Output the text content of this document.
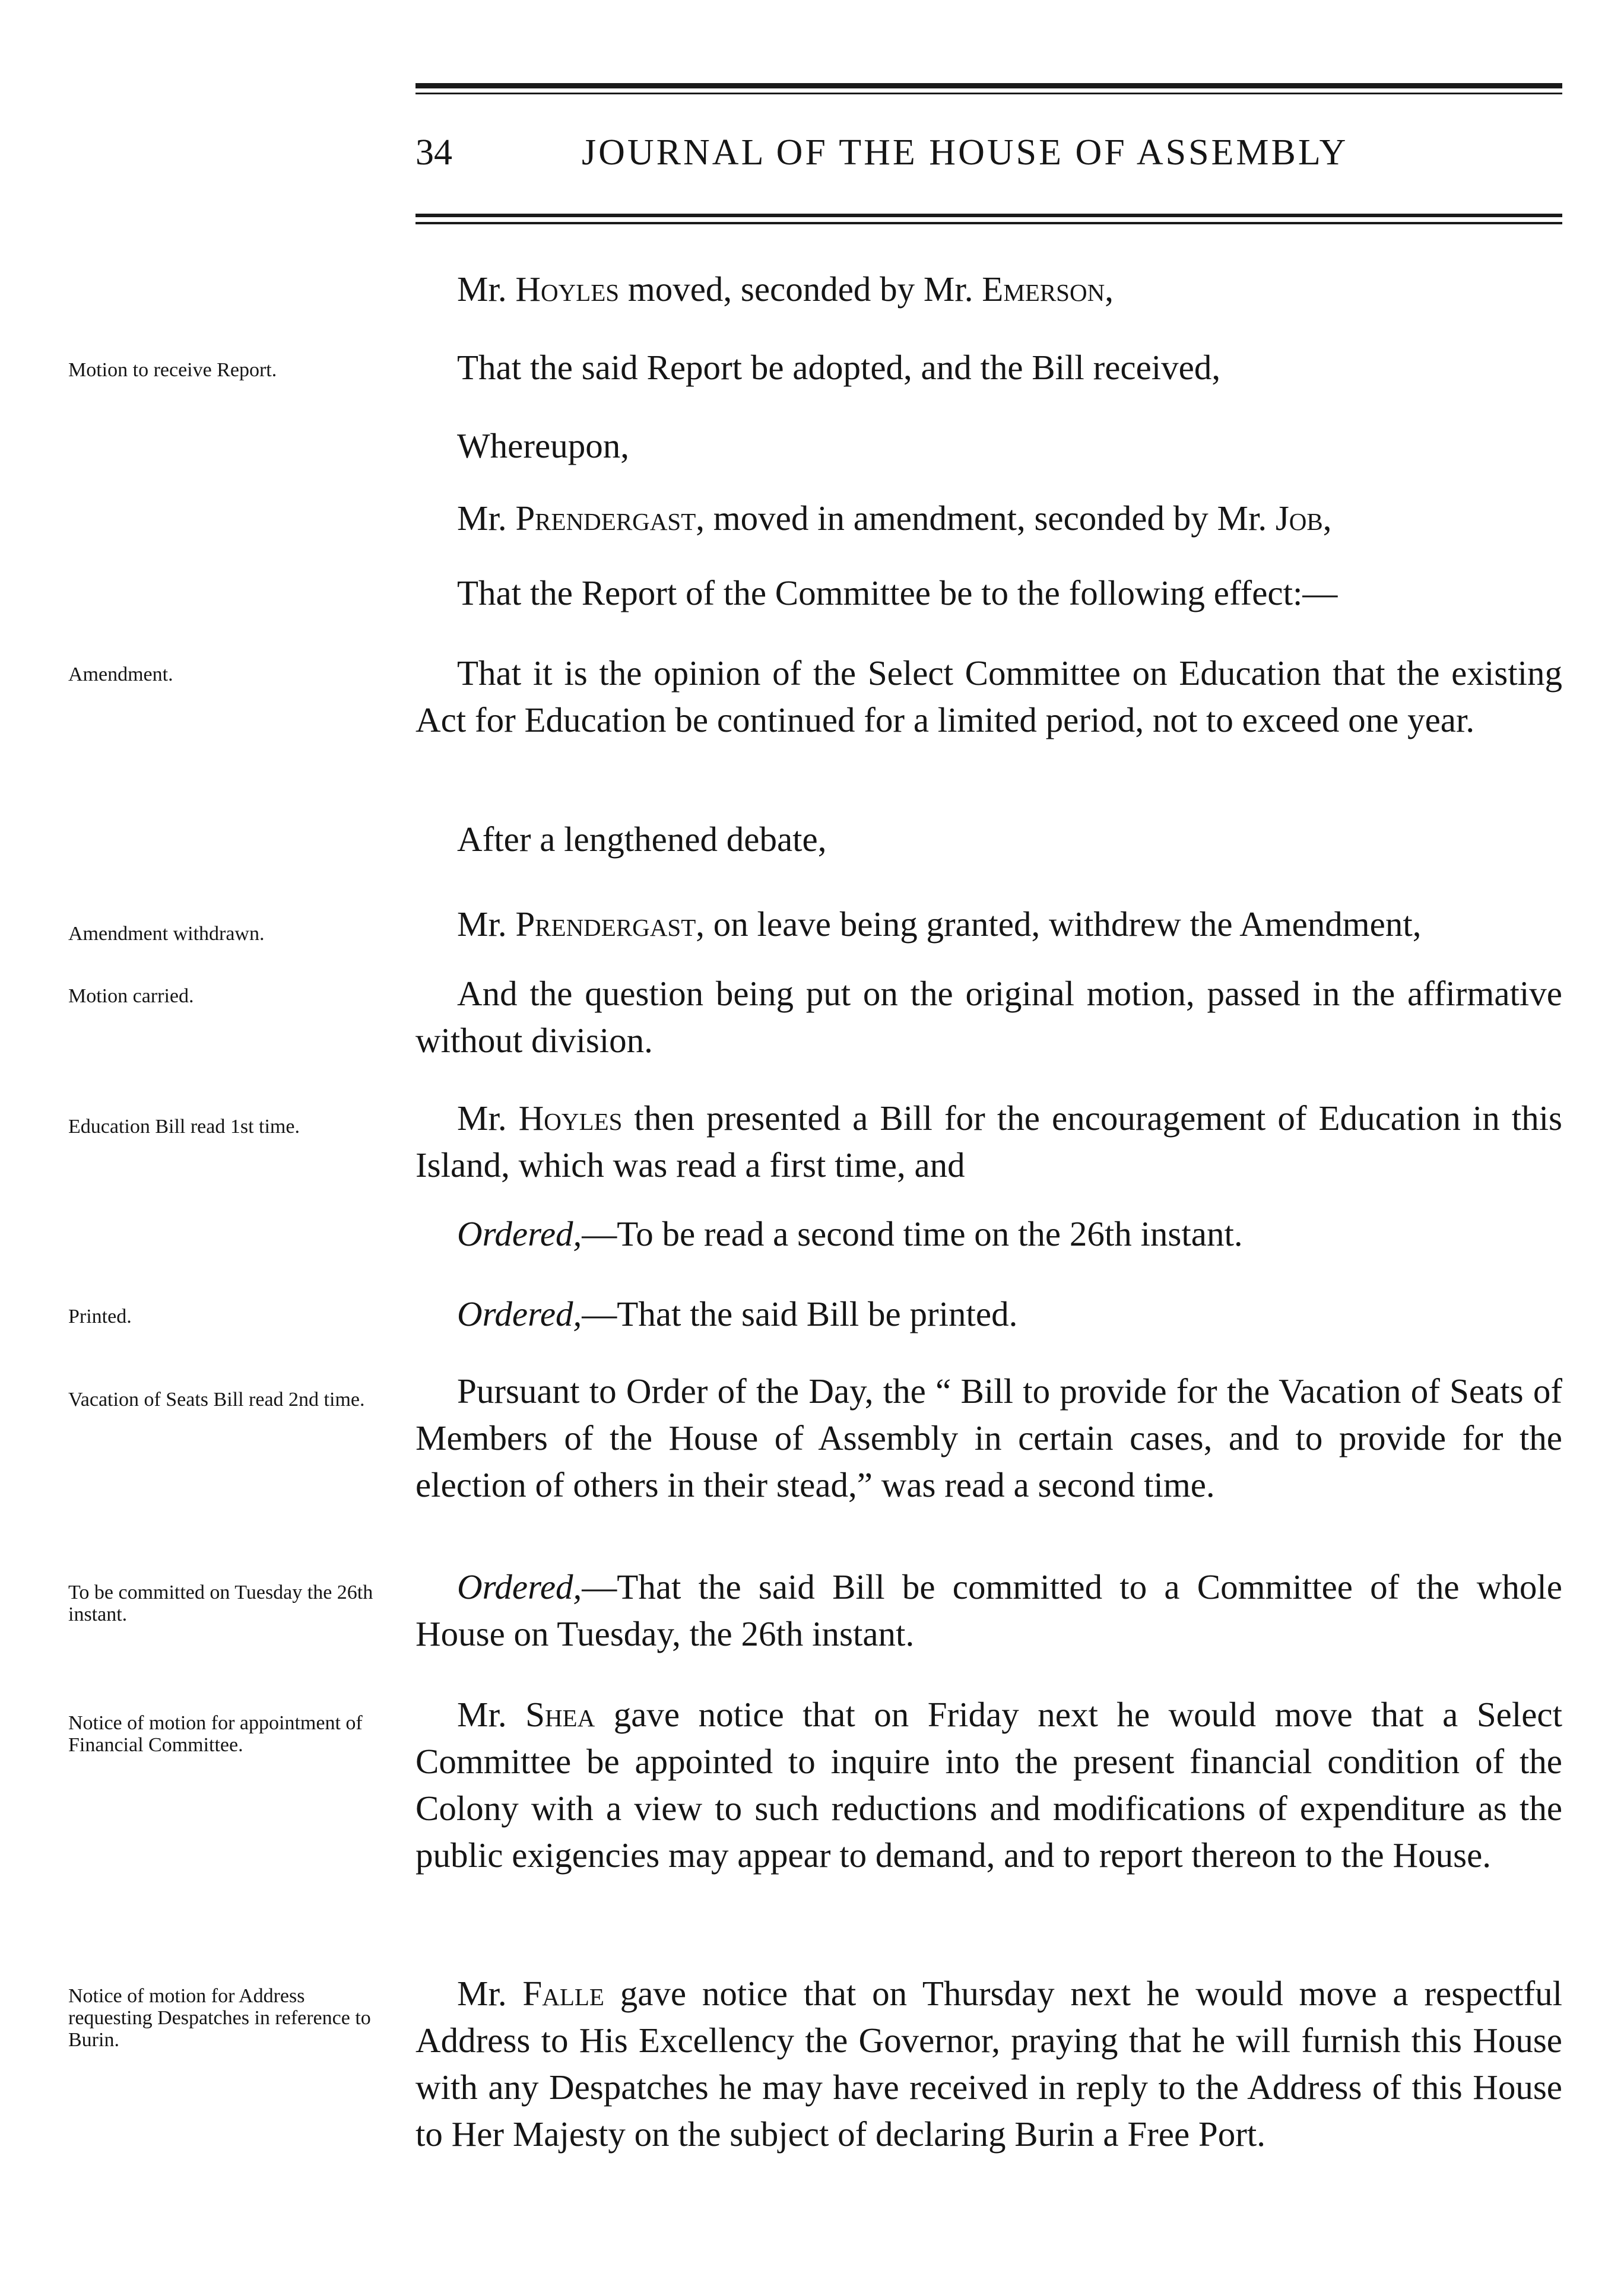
34	JOURNAL OF THE HOUSE OF ASSEMBLY

Motion to receive Report.

Amendment.

Amendment withdrawn.

Motion carried.

Education Bill read 1st time.

Printed.

Vacation of Seats Bill read 2nd time.

To be committed on Tuesday the 26th instant.

Notice of motion for appointment of Financial Committee.

Notice of motion for Address requesting Despatches in reference to Burin.

Mr. Hoyles moved, seconded by Mr. Emerson,

That the said Report be adopted, and the Bill received,

Whereupon,

Mr. Prendergast, moved in amendment, seconded by Mr. Job,

That the Report of the Committee be to the following effect:—

That it is the opinion of the Select Committee on Education that the existing Act for Education be continued for a limited period, not to exceed one year.

After a lengthened debate,

Mr. Prendergast, on leave being granted, withdrew the Amendment,

And the question being put on the original motion, passed in the affirmative without division.

Mr. Hoyles then presented a Bill for the encouragement of Education in this Island, which was read a first time, and

Ordered,—To be read a second time on the 26th instant.

Ordered,—That the said Bill be printed.

Pursuant to Order of the Day, the “ Bill to provide for the Vacation of Seats of Members of the House of Assembly in certain cases, and to provide for the election of others in their stead,” was read a second time.

Ordered,—That the said Bill be committed to a Committee of the whole House on Tuesday, the 26th instant.

Mr. Shea gave notice that on Friday next he would move that a Select Committee be appointed to inquire into the present financial condition of the Colony with a view to such reductions and modifications of expenditure as the public exigencies may appear to demand, and to report thereon to the House.

Mr. Falle gave notice that on Thursday next he would move a respectful Address to His Excellency the Governor, praying that he will furnish this House with any Despatches he may have received in reply to the Address of this House to Her Majesty on the subject of declaring Burin a Free Port.
